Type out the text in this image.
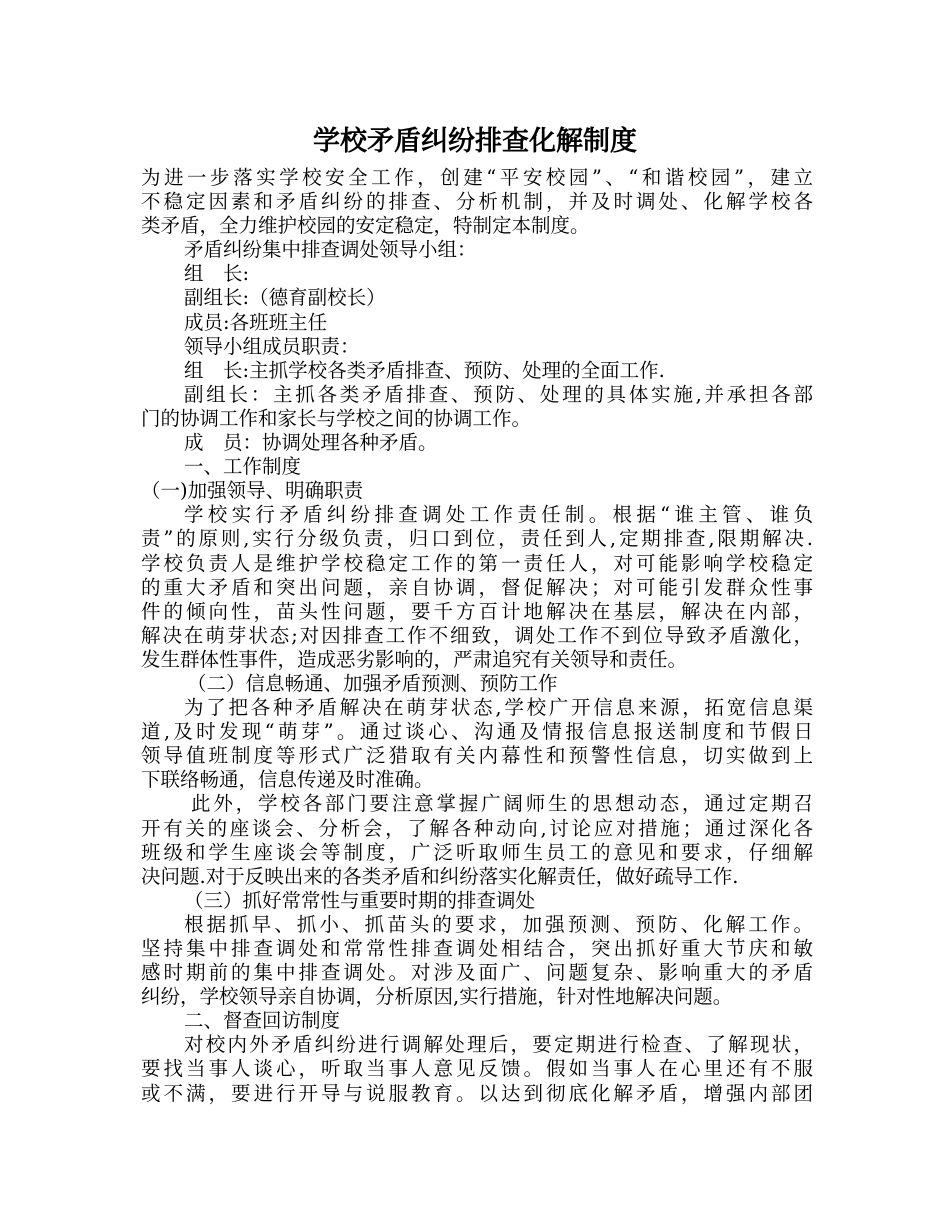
学校矛盾纠纷排查化解制度

为进一步落实学校安全工作，创建“平安校园”、“和谐校园”，建立

不稳定因素和矛盾纠纷的排查、分析机制，并及时调处、化解学校各

类矛盾，全力维护校园的安定稳定，特制定本制度。

矛盾纠纷集中排查调处领导小组：

组　长:

副组长:（德育副校长）

成员:各班班主任

领导小组成员职责：

组　长:主抓学校各类矛盾排查、预防、处理的全面工作.

副组长：主抓各类矛盾排查、预防、处理的具体实施,并承担各部

门的协调工作和家长与学校之间的协调工作。

成　员：协调处理各种矛盾。

一、工作制度

（一)加强领导、明确职责

学校实行矛盾纠纷排查调处工作责任制。根据“谁主管、谁负

责”的原则,实行分级负责，归口到位，责任到人,定期排查,限期解决.

学校负责人是维护学校稳定工作的第一责任人，对可能影响学校稳定

的重大矛盾和突出问题，亲自协调，督促解决；对可能引发群众性事

件的倾向性，苗头性问题，要千方百计地解决在基层，解决在内部，

解决在萌芽状态;对因排查工作不细致，调处工作不到位导致矛盾激化，

发生群体性事件，造成恶劣影响的，严肃追究有关领导和责任。

（二）信息畅通、加强矛盾预测、预防工作

为了把各种矛盾解决在萌芽状态,学校广开信息来源，拓宽信息渠

道,及时发现“萌芽”。通过谈心、沟通及情报信息报送制度和节假日

领导值班制度等形式广泛猎取有关内幕性和预警性信息，切实做到上

下联络畅通，信息传递及时准确。

此外，学校各部门要注意掌握广阔师生的思想动态，通过定期召

开有关的座谈会、分析会，了解各种动向,讨论应对措施；通过深化各

班级和学生座谈会等制度，广泛听取师生员工的意见和要求，仔细解

决问题.对于反映出来的各类矛盾和纠纷落实化解责任，做好疏导工作.

（三）抓好常常性与重要时期的排查调处

根据抓早、抓小、抓苗头的要求，加强预测、预防、化解工作。

坚持集中排查调处和常常性排查调处相结合，突出抓好重大节庆和敏

感时期前的集中排查调处。对涉及面广、问题复杂、影响重大的矛盾

纠纷，学校领导亲自协调，分析原因,实行措施，针对性地解决问题。

二、督查回访制度

对校内外矛盾纠纷进行调解处理后，要定期进行检查、了解现状，

要找当事人谈心，听取当事人意见反馈。假如当事人在心里还有不服

或不满，要进行开导与说服教育。以达到彻底化解矛盾，增强内部团
